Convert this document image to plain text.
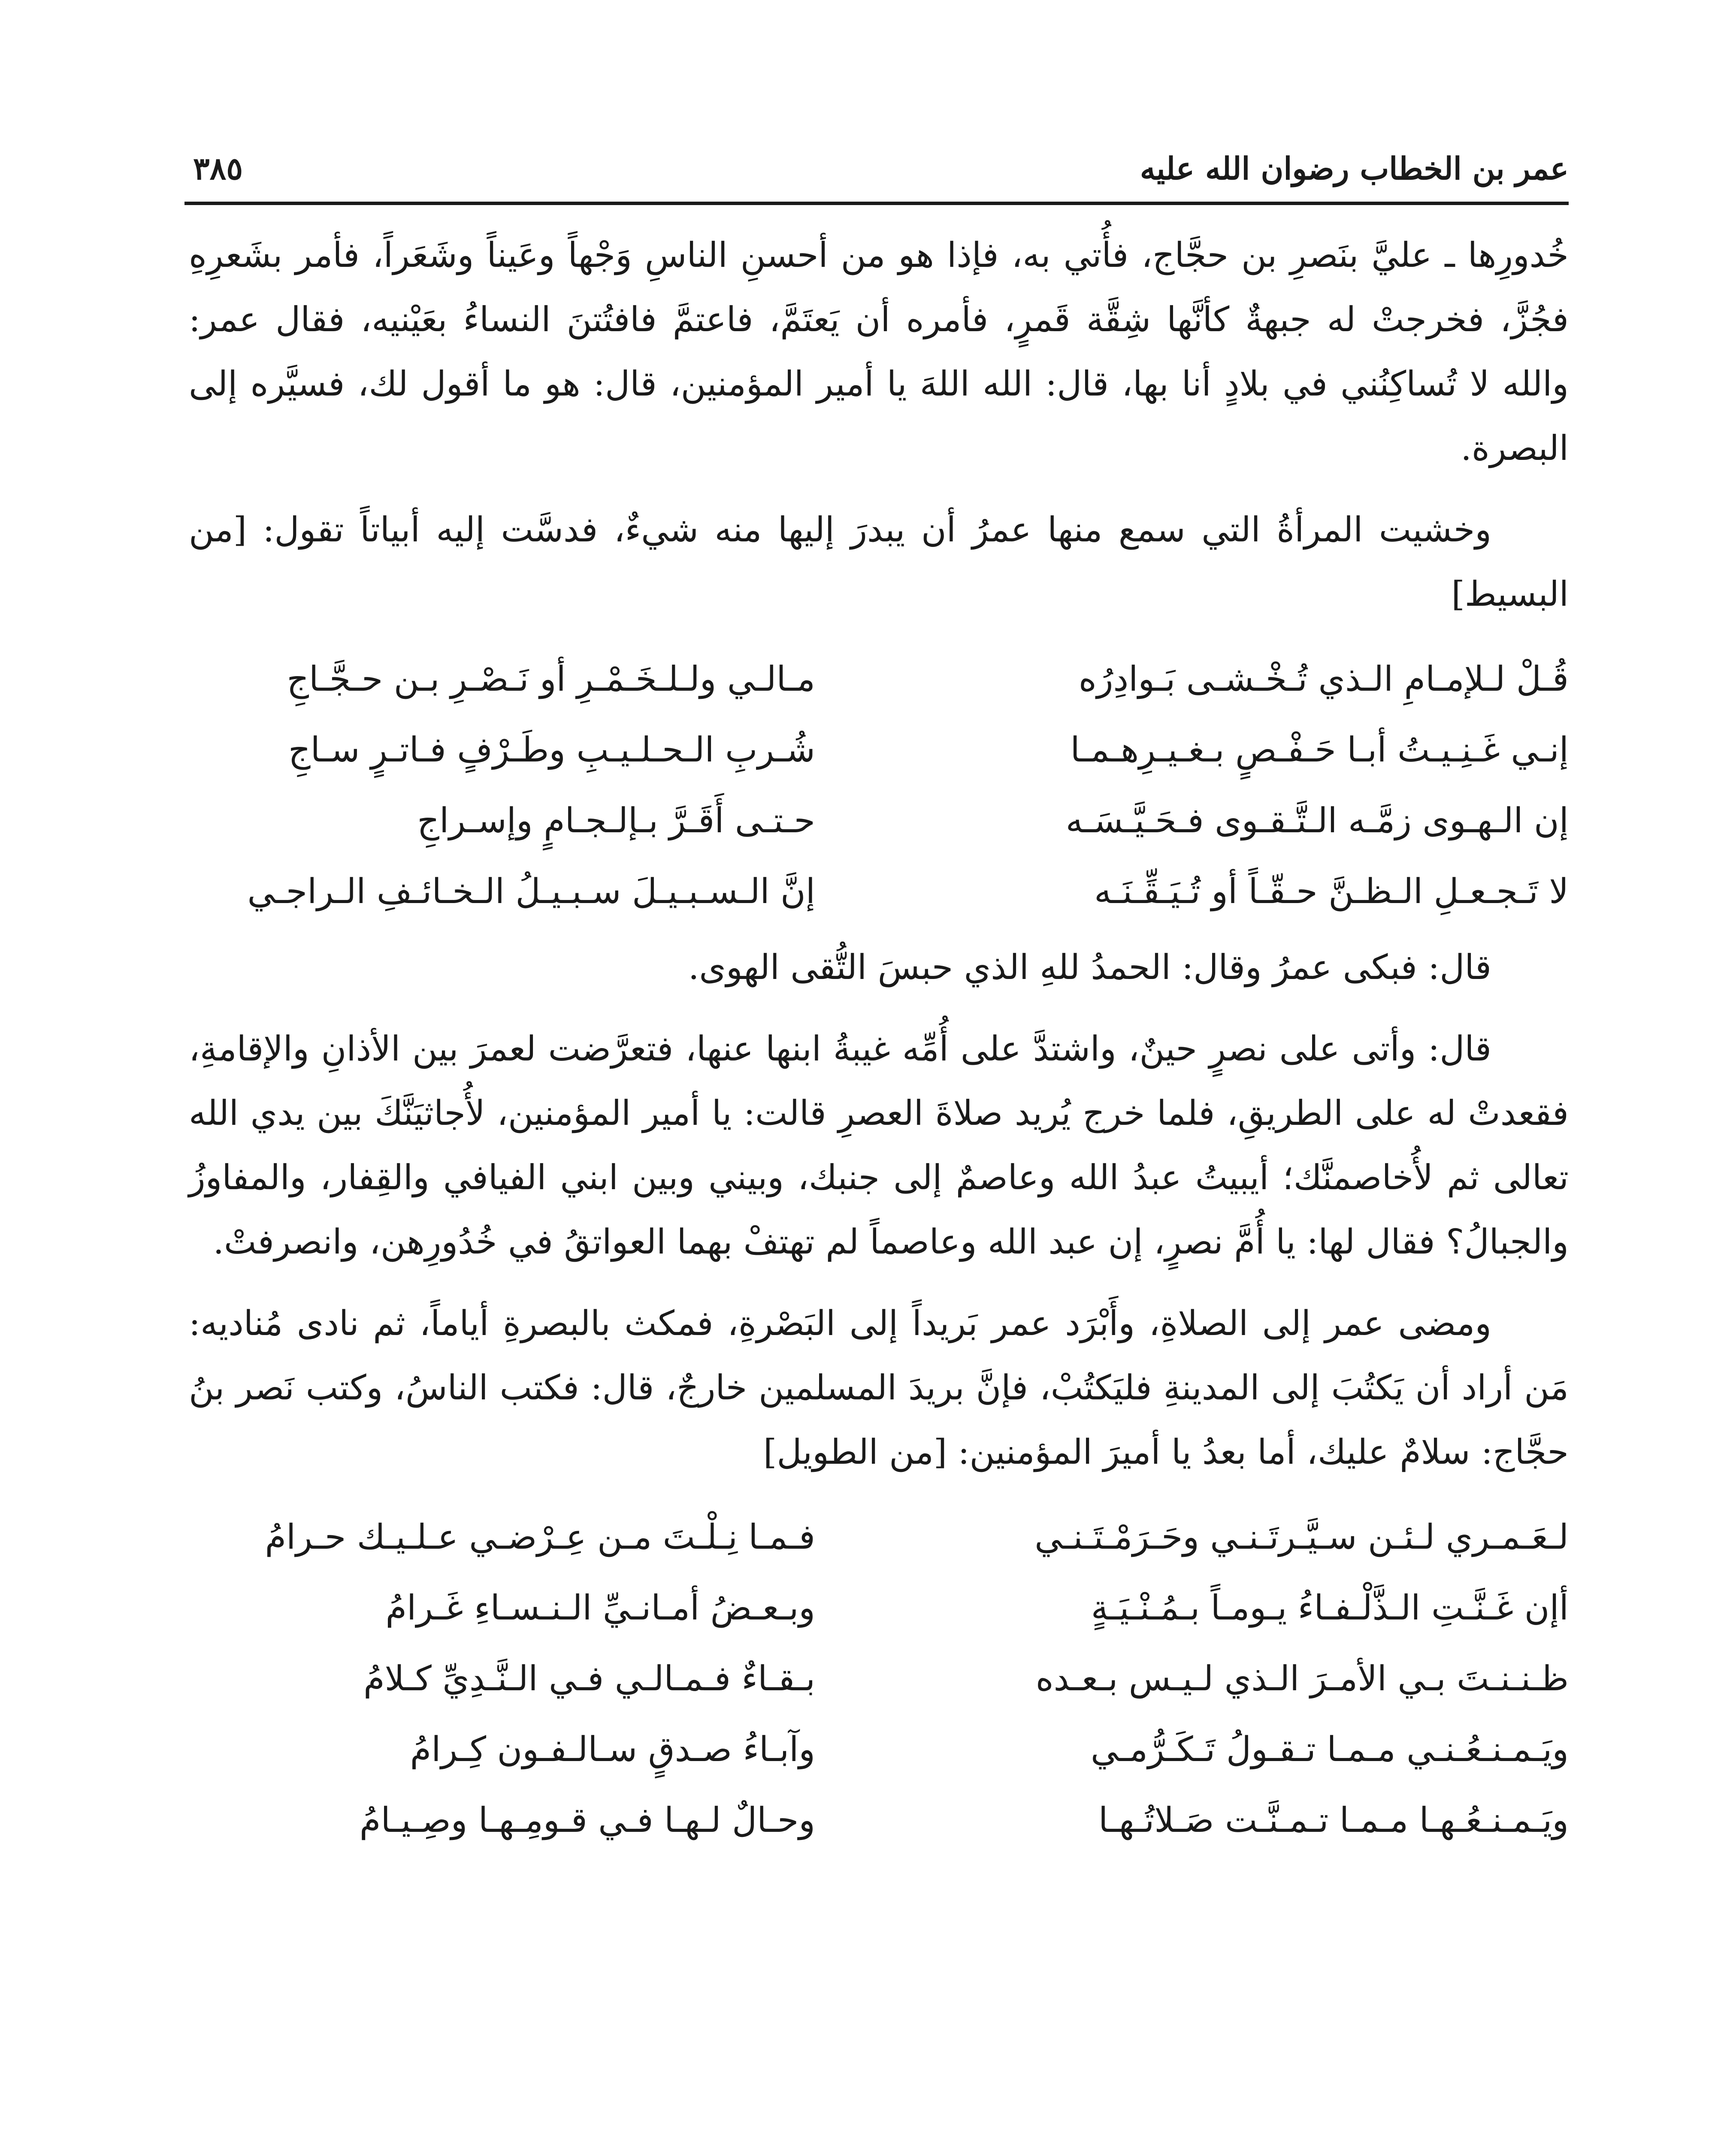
عمر بن الخطاب رضوان الله عليه
٣٨٥

خُدورِها ـ عليَّ بنَصرِ بن حجَّاج، فأُتي به، فإذا هو من أحسنِ الناسِ وَجْهاً وعَيناً وشَعَراً، فأمر بشَعرِهِ فجُزَّ، فخرجتْ له جبهةٌ كأنَّها شِقَّة قَمرٍ، فأمره أن يَعتَمَّ، فاعتمَّ فافتُتنَ النساءُ بعَيْنيه، فقال عمر: والله لا تُساكِنُني في بلادٍ أنا بها، قال: الله اللهَ يا أمير المؤمنين، قال: هو ما أقول لك، فسيَّره إلى البصرة.

وخشيت المرأةُ التي سمع منها عمرُ أن يبدرَ إليها منه شيءٌ، فدسَّت إليه أبياتاً تقول: [من البسيط]

قُـلْ لـلإمـامِ الـذي تُـخْـشـى بَـوادِرُه
مـالـي ولـلـخَـمْـرِ أو نَـصْـرِ بـن حـجَّـاجِ
إنـي غَـنِـيـتُ أبـا حَـفْـصٍ بـغـيـرِهـمـا
شُـربِ الـحـلـيـبِ وطَـرْفٍ فـاتـرٍ سـاجِ
إن الـهـوى زمَّـه الـتَّـقـوى فـحَـيَّـسَـه
حـتـى أَقَـرَّ بـإلـجـامٍ وإسـراجِ
لا تَـجـعـلِ الـظـنَّ حـقّـاً أو تُـيَـقِّـنَـه
إنَّ الـسـبـيـلَ سـبـيـلُ الـخـائـفِ الـراجـي

قال: فبكى عمرُ وقال: الحمدُ للهِ الذي حبسَ التُّقى الهوى.

قال: وأتى على نصرٍ حينٌ، واشتدَّ على أُمِّه غيبةُ ابنها عنها، فتعرَّضت لعمرَ بين الأذانِ والإقامةِ، فقعدتْ له على الطريقِ، فلما خرج يُريد صلاةَ العصرِ قالت: يا أمير المؤمنين، لأُجاثيَنَّكَ بين يدي الله تعالى ثم لأُخاصمنَّك؛ أيبيتُ عبدُ الله وعاصمٌ إلى جنبك، وبيني وبين ابني الفيافي والقِفار، والمفاوزُ والجبالُ؟ فقال لها: يا أُمَّ نصرٍ، إن عبد الله وعاصماً لم تهتفْ بهما العواتقُ في خُدُورِهن، وانصرفتْ.

ومضى عمر إلى الصلاةِ، وأَبْرَد عمر بَريداً إلى البَصْرةِ، فمكث بالبصرةِ أياماً، ثم نادى مُناديه: مَن أراد أن يَكتُبَ إلى المدينةِ فليَكتُبْ، فإنَّ بريدَ المسلمين خارجٌ، قال: فكتب الناسُ، وكتب نَصر بنُ حجَّاج: سلامٌ عليك، أما بعدُ يا أميرَ المؤمنين: [من الطويل]

لـعَـمـري لـئـن سـيَّـرتَـنـي وحَـرَمْـتَـنـي
فـمـا نِـلْـتَ مـن عِـرْضـي عـلـيـك حـرامُ
أإن غَـنَّـتِ الـذَّلْـفـاءُ يـومـاً بـمُـنْـيَـةٍ
وبـعـضُ أمـانـيِّ الـنـسـاءِ غَـرامُ
ظـنـنـتَ بـي الأمـرَ الـذي لـيـس بـعـده
بـقـاءٌ فـمـالـي فـي الـنَّـدِيِّ كـلامُ
ويَـمـنـعُـنـي مـمـا تـقـولُ تَـكَـرُّمـي
وآبـاءُ صـدقٍ سـالـفـون كِـرامُ
ويَـمـنـعُـهـا مـمـا تـمـنَّـت صَـلاتُـهـا
وحـالٌ لـهـا فـي قـومِـهـا وصِـيـامُ
